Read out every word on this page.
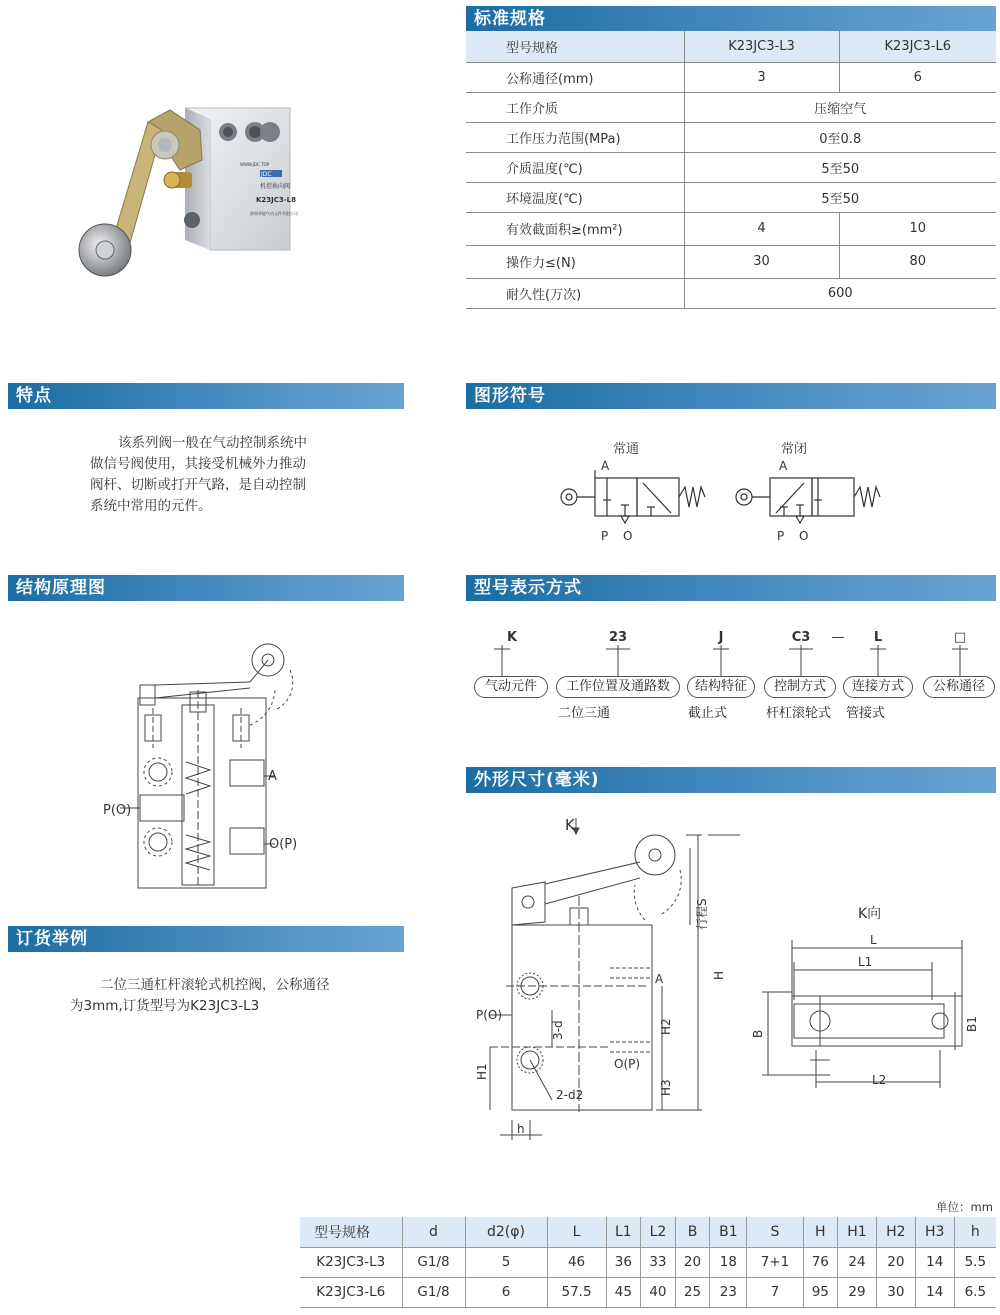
JDC
WWW.JDC.TOP
机控换向阀
K23JC3-L8
济南华能气动元件有限公司
标准规格
型号规格	K23JC3-L3	K23JC3-L6
公称通径(mm)	3	6
工作介质	压缩空气	
工作压力范围(MPa)	0至0.8	
介质温度(℃)	5至50	
环境温度(℃)	5至50	
有效截面积≥(mm²)	4	10
操作力≤(N)	30	80
耐久性(万次)	600	
特点
该系列阀一般在气动控制系统中
做信号阀使用，其接受机械外力推动
阀杆、切断或打开气路，是自动控制
系统中常用的元件。
图形符号
常通	常闭
A
P O
A
P O
结构原理图
A
P(O)
O(P)
型号表示方式
K	23	J	C3	—	L	□
气动元件	工作位置及通路数	结构特征	控制方式	连接方式	公称通径
二位三通	截止式	杆杠滚轮式 管接式
订货举例
二位三通杠杆滚轮式机控阀，公称通径
为3mm,订货型号为K23JC3-L3
外形尺寸(毫米)
K
行程S
H
A
P(O)
3-d	H2
O(P)
H3
H1
2-d2
h
K向
L
L1
B
B1
L2
单位：mm
型号规格	d	d2(φ)	L	L1	L2	B	B1	S	H	H1	H2	H3	h
K23JC3-L3	G1/8	5	46	36	33	20	18	7+1	76	24	20	14	5.5
K23JC3-L6	G1/8	6	57.5	45	40	25	23	7	95	29	30	14	6.5
